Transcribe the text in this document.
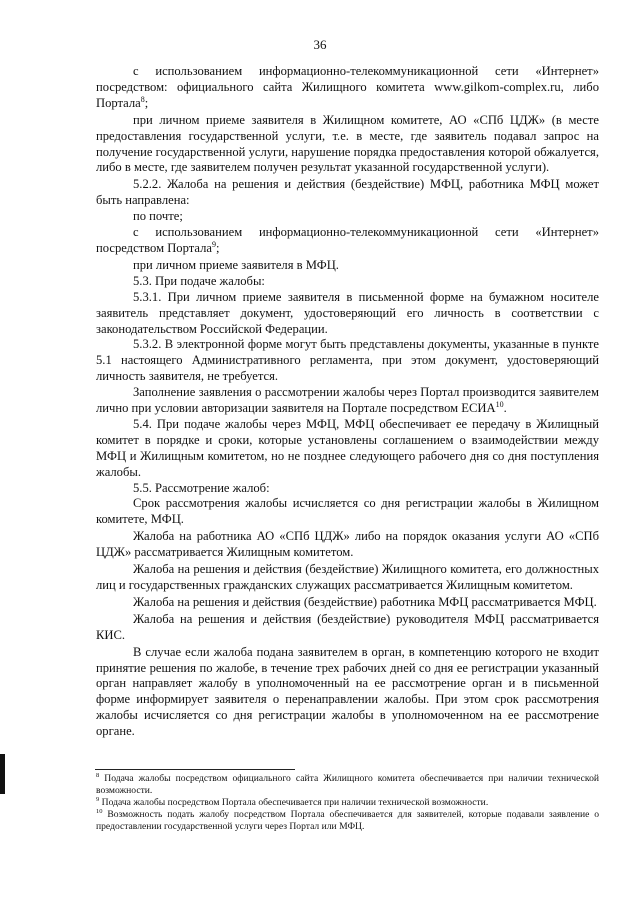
36

с использованием информационно-телекоммуникационной сети «Интернет» посредством: официального сайта Жилищного комитета www.gilkom-complex.ru, либо Портала$^8$;

при личном приеме заявителя в Жилищном комитете, АО «СПб ЦДЖ» (в месте предоставления государственной услуги, т.е. в месте, где заявитель подавал запрос на получение государственной услуги, нарушение порядка предоставления которой обжалуется, либо в месте, где заявителем получен результат указанной государственной услуги).

5.2.2. Жалоба на решения и действия (бездействие) МФЦ, работника МФЦ может быть направлена:

по почте;

с использованием информационно-телекоммуникационной сети «Интернет» посредством Портала$^9$;

при личном приеме заявителя в МФЦ.

5.3. При подаче жалобы:

5.3.1. При личном приеме заявителя в письменной форме на бумажном носителе заявитель представляет документ, удостоверяющий его личность в соответствии с законодательством Российской Федерации.

5.3.2. В электронной форме могут быть представлены документы, указанные в пункте 5.1 настоящего Административного регламента, при этом документ, удостоверяющий личность заявителя, не требуется.

Заполнение заявления о рассмотрении жалобы через Портал производится заявителем лично при условии авторизации заявителя на Портале посредством ЕСИА$^{10}$.

5.4. При подаче жалобы через МФЦ, МФЦ обеспечивает ее передачу в Жилищный комитет в порядке и сроки, которые установлены соглашением о взаимодействии между МФЦ и Жилищным комитетом, но не позднее следующего рабочего дня со дня поступления жалобы.

5.5. Рассмотрение жалоб:

Срок рассмотрения жалобы исчисляется со дня регистрации жалобы в Жилищном комитете, МФЦ.

Жалоба на работника АО «СПб ЦДЖ» либо на порядок оказания услуги АО «СПб ЦДЖ» рассматривается Жилищным комитетом.

Жалоба на решения и действия (бездействие) Жилищного комитета, его должностных лиц и государственных гражданских служащих рассматривается Жилищным комитетом.

Жалоба на решения и действия (бездействие) работника МФЦ рассматривается МФЦ.

Жалоба на решения и действия (бездействие) руководителя МФЦ рассматривается КИС.

В случае если жалоба подана заявителем в орган, в компетенцию которого не входит принятие решения по жалобе, в течение трех рабочих дней со дня ее регистрации указанный орган направляет жалобу в уполномоченный на ее рассмотрение орган и в письменной форме информирует заявителя о перенаправлении жалобы. При этом срок рассмотрения жалобы исчисляется со дня регистрации жалобы в уполномоченном на ее рассмотрение органе.

$^8$ Подача жалобы посредством официального сайта Жилищного комитета обеспечивается при наличии технической возможности.

$^9$ Подача жалобы посредством Портала обеспечивается при наличии технической возможности.

$^{10}$ Возможность подать жалобу посредством Портала обеспечивается для заявителей, которые подавали заявление о предоставлении государственной услуги через Портал или МФЦ.
